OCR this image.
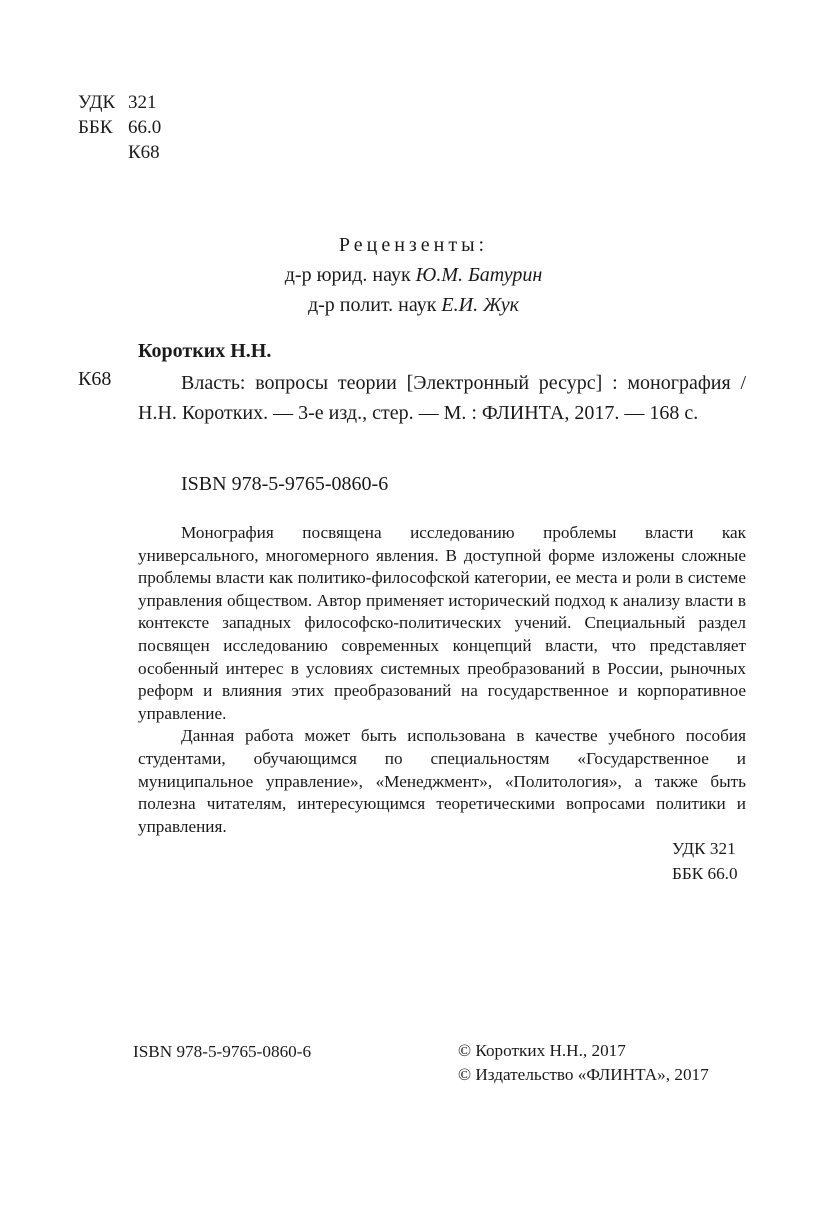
УДК 321
ББК 66.0
К68
Рецензенты:
д-р юрид. наук Ю.М. Батурин
д-р полит. наук Е.И. Жук
Коротких Н.Н.
К68	Власть: вопросы теории [Электронный ресурс] : монография / Н.Н. Коротких. — 3-е изд., стер. — М. : ФЛИНТА, 2017. — 168 с.
ISBN 978-5-9765-0860-6

Монография посвящена исследованию проблемы власти как универсального, многомерного явления. В доступной форме изложены сложные проблемы власти как политико-философской категории, ее места и роли в системе управления обществом. Автор применяет исторический подход к анализу власти в контексте западных философско-политических учений. Специальный раздел посвящен исследованию современных концепций власти, что представляет особенный интерес в условиях системных преобразований в России, рыночных реформ и влияния этих преобразований на государственное и корпоративное управление.

Данная работа может быть использована в качестве учебного пособия студентами, обучающимся по специальностям «Государственное и муниципальное управление», «Менеджмент», «Политология», а также быть полезна читателям, интересующимся теоретическими вопросами политики и управления.

УДК 321
ББК 66.0
ISBN 978-5-9765-0860-6	© Коротких Н.Н., 2017
© Издательство «ФЛИНТА», 2017
